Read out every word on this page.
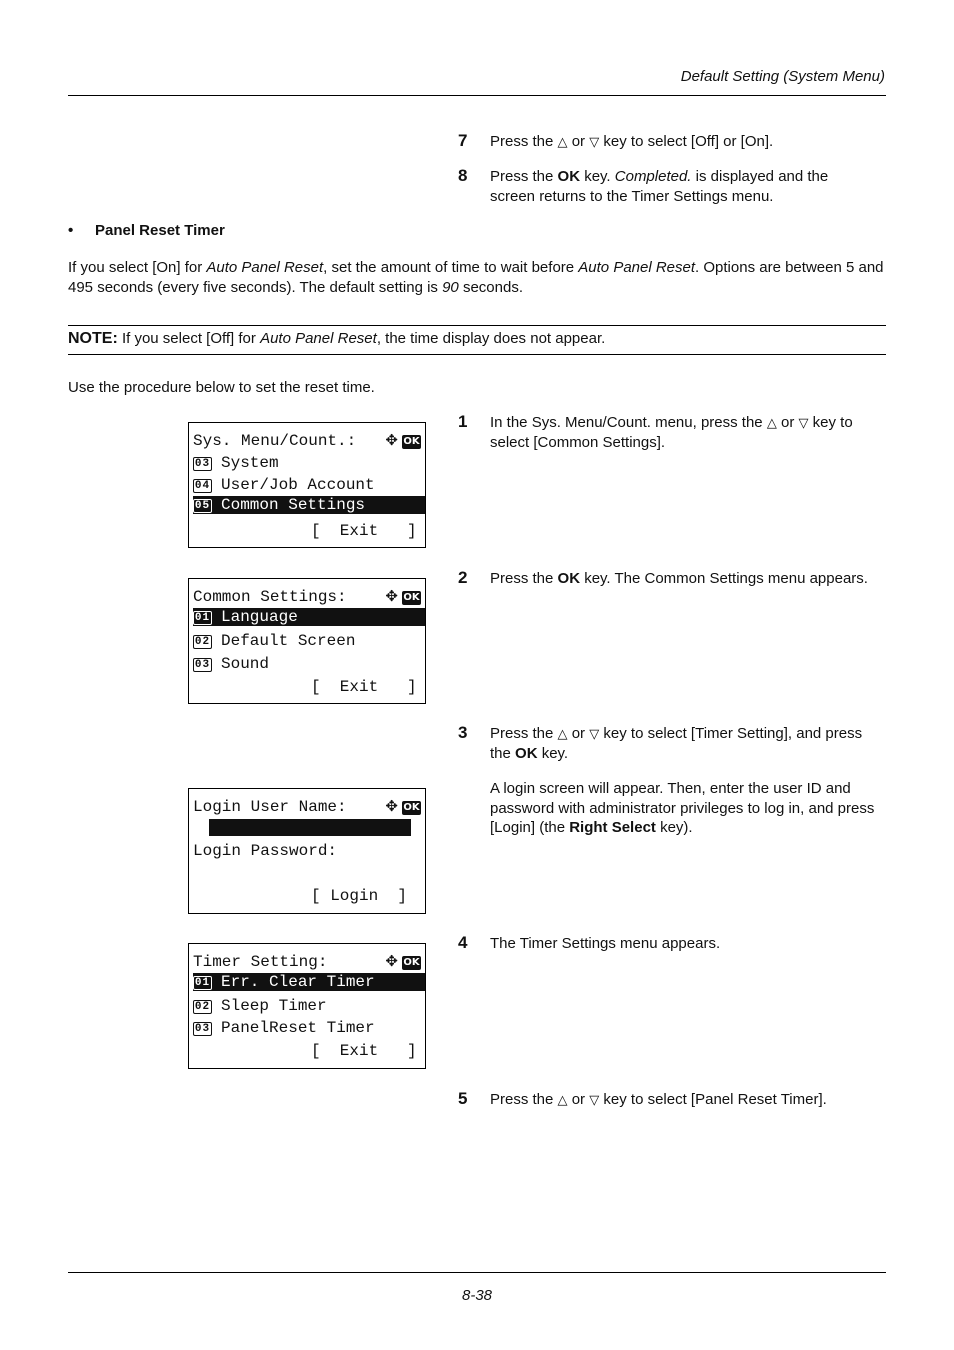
Default Setting (System Menu)
7 Press the △ or ▽ key to select [Off] or [On].
8 Press the OK key. Completed. is displayed and the screen returns to the Timer Settings menu.
• Panel Reset Timer
If you select [On] for Auto Panel Reset, set the amount of time to wait before Auto Panel Reset. Options are between 5 and 495 seconds (every five seconds). The default setting is 90 seconds.
NOTE: If you select [Off] for Auto Panel Reset, the time display does not appear.
Use the procedure below to set the reset time.
Sys. Menu/Count.:	✥ OK
03 System
04 User/Job Account
05 Common Settings
[  Exit   ]
Common Settings:	✥ OK
01 Language
02 Default Screen
03 Sound
[  Exit   ]
Login User Name:	✥ OK
Login Password:
[ Login  ]
Timer Setting:	✥ OK
01 Err. Clear Timer
02 Sleep Timer
03 PanelReset Timer
[  Exit   ]
1 In the Sys. Menu/Count. menu, press the △ or ▽ key to select [Common Settings].
2 Press the OK key. The Common Settings menu appears.
3 Press the △ or ▽ key to select [Timer Setting], and press the OK key.
A login screen will appear. Then, enter the user ID and password with administrator privileges to log in, and press [Login] (the Right Select key).
4 The Timer Settings menu appears.
5 Press the △ or ▽ key to select [Panel Reset Timer].
8-38
